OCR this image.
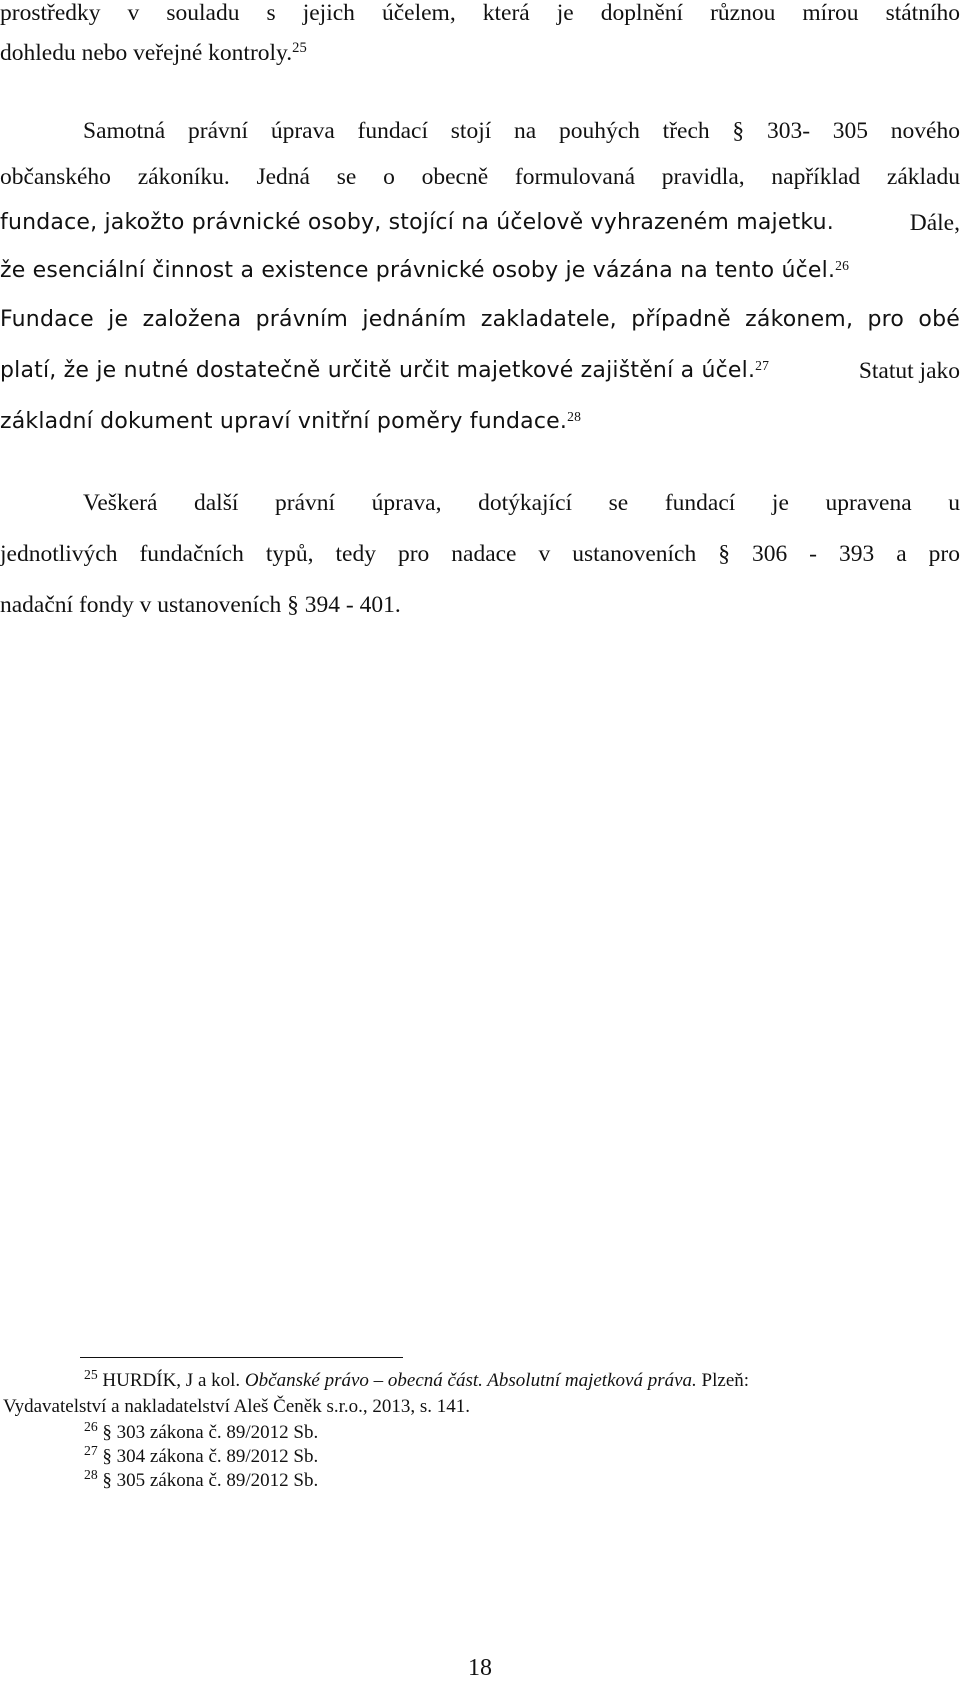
prostředky v souladu s jejich účelem, která je doplnění různou mírou státního
dohledu nebo veřejné kontroly.$^{25}$
Samotná právní úprava fundací stojí na pouhých třech § 303- 305 nového
občanského zákoníku. Jedná se o obecně formulovaná pravidla, například základu
fundace, jakožto právnické osoby, stojící na účelově vyhrazeném majetku.	Dále,
že esenciální činnost a existence právnické osoby je vázána na tento účel.$^{26}$
Fundace je založena právním jednáním zakladatele, případně zákonem, pro obé
platí, že je nutné dostatečně určitě určit majetkové zajištění a účel.$^{27}$	Statut jako
základní dokument upraví vnitřní poměry fundace.$^{28}$
Veškerá další právní úprava, dotýkající se fundací je upravena u
jednotlivých fundačních typů, tedy pro nadace v ustanoveních § 306 - 393 a pro
nadační fondy v ustanoveních § 394 - 401.
$^{25}$ HURDÍK, J a kol. Občanské právo – obecná část. Absolutní majetková práva. Plzeň:
Vydavatelství a nakladatelství Aleš Čeněk s.r.o., 2013, s. 141.
$^{26}$ § 303 zákona č. 89/2012 Sb.
$^{27}$ § 304 zákona č. 89/2012 Sb.
$^{28}$ § 305 zákona č. 89/2012 Sb.
18
